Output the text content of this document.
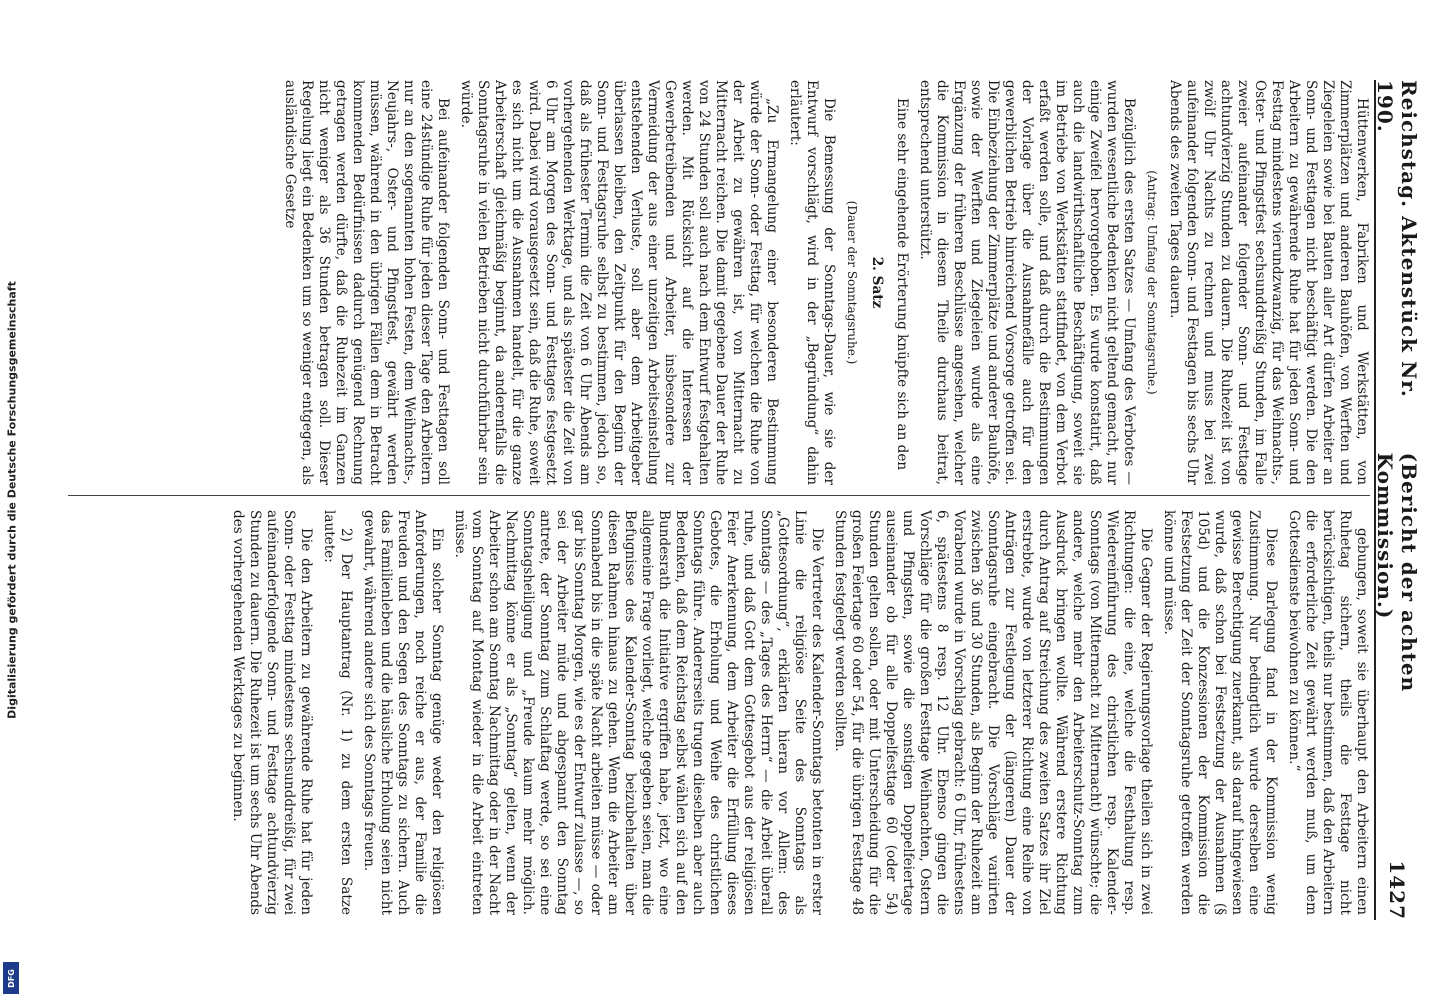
Digitalisierung gefördert durch die Deutsche Forschungsgemeinschaft
DFG
Reichstag. Aktenstück Nr. 190.
(Bericht der achten Kommission.)
1427

Hüttenwerken, Fabriken und Werkstätten, von Zimmerplätzen und anderen Bauhöfen, von Werften und Ziegeleien sowie bei Bauten aller Art dürfen Arbeiter an Sonn- und Festtagen nicht beschäftigt werden. Die den Arbeitern zu gewährende Ruhe hat für jeden Sonn- und Festtag mindestens vierundzwanzig, für das Weihnachts-, Oster- und Pfingstfest sechsunddreißig Stunden, im Falle zweier aufeinander folgender Sonn- und Festtage achtundvierzig Stunden zu dauern. Die Ruhezeit ist von zwölf Uhr Nachts zu rechnen und muss bei zwei aufeinander folgenden Sonn- und Festtagen bis sechs Uhr Abends des zweiten Tages dauern.

(Antrag: Umfang der Sonntagsruhe.)

Bezüglich des ersten Satzes — Umfang des Verbotes — wurden wesentliche Bedenken nicht geltend gemacht, nur einige Zweifel hervorgehoben. Es wurde konstatirt, daß auch die landwirthschaftliche Beschäftigung, soweit sie im Betriebe von Werkstätten stattfindet, von dem Verbot erfaßt werden solle, und daß durch die Bestimmungen der Vorlage über die Ausnahmefälle auch für den gewerblichen Betrieb hinreichend Vorsorge getroffen sei. Die Einbeziehung der Zimmerplätze und anderer Bauhöfe, sowie der Werften und Ziegeleien wurde als eine Ergänzung der früheren Beschlüsse angesehen, welcher die Kommission in diesem Theile durchaus beitrat, entsprechend unterstützt.

Eine sehr eingehende Erörterung knüpfte sich an den

2. Satz

(Dauer der Sonntagsruhe.)

Die Bemessung der Sonntags-Dauer, wie sie der Entwurf vorschlägt, wird in der „Begründung“ dahin erläutert:

„Zu Ermangelung einer besonderen Bestimmung würde der Sonn- oder Festtag, für welchen die Ruhe von der Arbeit zu gewähren ist, von Mitternacht zu Mitternacht reichen. Die damit gegebene Dauer der Ruhe von 24 Stunden soll auch nach dem Entwurf festgehalten werden. Mit Rücksicht auf die Interessen der Gewerbetreibenden und Arbeiter, insbesondere zur Vermeidung der aus einer unzeitigen Arbeitseinstellung entstehenden Verluste, soll aber dem Arbeitgeber überlassen bleiben, den Zeitpunkt für den Beginn der Sonn- und Festtagsruhe selbst zu bestimmen, jedoch so, daß als frühester Termin die Zeit von 6 Uhr Abends am vorhergehenden Werktage, und als spätester die Zeit von 6 Uhr am Morgen des Sonn- und Festtages festgesetzt wird. Dabei wird vorausgesetzt sein, daß die Ruhe, soweit es sich nicht um die Ausnahmen handelt, für die ganze Arbeiterschaft gleichmäßig beginnt, da anderenfalls die Sonntagsruhe in vielen Betrieben nicht durchführbar sein würde.

Bei aufeinander folgenden Sonn- und Festtagen soll eine 24stündige Ruhe für jeden dieser Tage den Arbeitern nur an den sogenannten hohen Festen, dem Weihnachts-, Neujahrs-, Oster- und Pfingstfest, gewährt werden müssen, während in den übrigen Fällen dem in Betracht kommenden Bedürfnissen dadurch genügend Rechnung getragen werden dürfte, daß die Ruhezeit im Ganzen nicht weniger als 36 Stunden betragen soll. Dieser Regelung liegt ein Bedenken um so weniger entgegen, als ausländische Gesetze

gebungen, soweit sie überhaupt den Arbeitern einen Ruhetag sichern, theils die Festtage nicht berücksichtigen, theils nur bestimmen, daß den Arbeitern die erforderliche Zeit gewährt werden muß, um dem Gottesdienste beiwohnen zu können.“

Diese Darlegung fand in der Kommission wenig Zustimmung. Nur bedingtlich wurde derselben eine gewisse Berechtigung zuerkannt, als darauf hingewiesen wurde, daß schon bei Festsetzung der Ausnahmen (§ 105d) und die Konzessionen der Kommission die Festsetzung der Zeit der Sonntagsruhe getroffen werden könne und müsse.

Die Gegner der Regierungsvorlage theilen sich in zwei Richtungen: die eine, welche die Festhaltung resp. Wiedereinführung des christlichen resp. Kalender-Sonntags (von Mitternacht zu Mitternacht) wünschte; die andere, welche mehr den Arbeiterschutz-Sonntag zum Ausdruck bringen wollte. Während erstere Richtung durch Antrag auf Streichung des zweiten Satzes ihr Ziel erstrebte, wurde von letzterer Richtung eine Reihe von Anträgen zur Festlegung der (längeren) Dauer der Sonntagsruhe eingebracht. Die Vorschläge variirten zwischen 36 und 30 Stunden, als Beginn der Ruhezeit am Vorabend wurde in Vorschlag gebracht: 6 Uhr, frühestens 6, spätestens 8 resp. 12 Uhr. Ebenso gingen die Vorschläge für die großen Festtage Weihnachten, Ostern und Pfingsten, sowie die sonstigen Doppelfeiertage auseinander ob für alle Doppelfesttage 60 (oder 54) Stunden gelten sollen, oder mit Unterscheidung für die großen Feiertage 60 oder 54, für die übrigen Festtage 48 Stunden festgelegt werden sollten.

Die Vertreter des Kalender-Sonntags betonten in erster Linie die religiöse Seite des Sonntags als „Gottesordnung“, erklärten hieran vor Allem: des Sonntags — des „Tages des Herrn“ — die Arbeit überall ruhe, und daß Gott dem Gottesgebot aus der religiösen Feier Anerkennung, dem Arbeiter die Erfüllung dieses Gebotes, die Erholung und Weihe des christlichen Sonntags führe. Andererseits trugen dieselben aber auch Bedenken, daß dem Reichstag selbst wählen sich auf den Bundesrath die Initiative ergriffen habe, jetzt, wo eine allgemeine Frage vorliegt, welche gegeben seien, man die Befugnisse des Kalender-Sonntag beizubehalten über diesen Rahmen hinaus zu gehen. Wenn die Arbeiter am Sonnabend bis in die späte Nacht arbeiten müsse — oder gar bis Sonntag Morgen, wie es der Entwurf zulasse —, so sei der Arbeiter müde und abgespannt den Sonntag antrete, der Sonntag zum Schlaftag werde, so sei eine Sonntagsheiligung und „Freude kaum mehr möglich. Nachmittag könne er als „Sonntag“ gelten, wenn der Arbeiter schon am Sonntag Nachmittag oder in der Nacht vom Sonntag auf Montag wieder in die Arbeit eintreten müsse.

Ein solcher Sonntag genüge weder den religiösen Anforderungen, noch reiche er aus, der Familie die Freuden und den Segen des Sonntags zu sichern. Auch das Familienleben und die häusliche Erholung seien nicht gewahrt, während andere sich des Sonntags freuen.

2) Der Hauptantrag (Nr. 1) zu dem ersten Satze lautete:

Die den Arbeitern zu gewährende Ruhe hat für jeden Sonn- oder Festtag mindestens sechsunddreißig, für zwei aufeinanderfolgende Sonn- und Festtage achtundvierzig Stunden zu dauern. Die Ruhezeit ist um sechs Uhr Abends des vorhergehenden Werktages zu beginnen.
